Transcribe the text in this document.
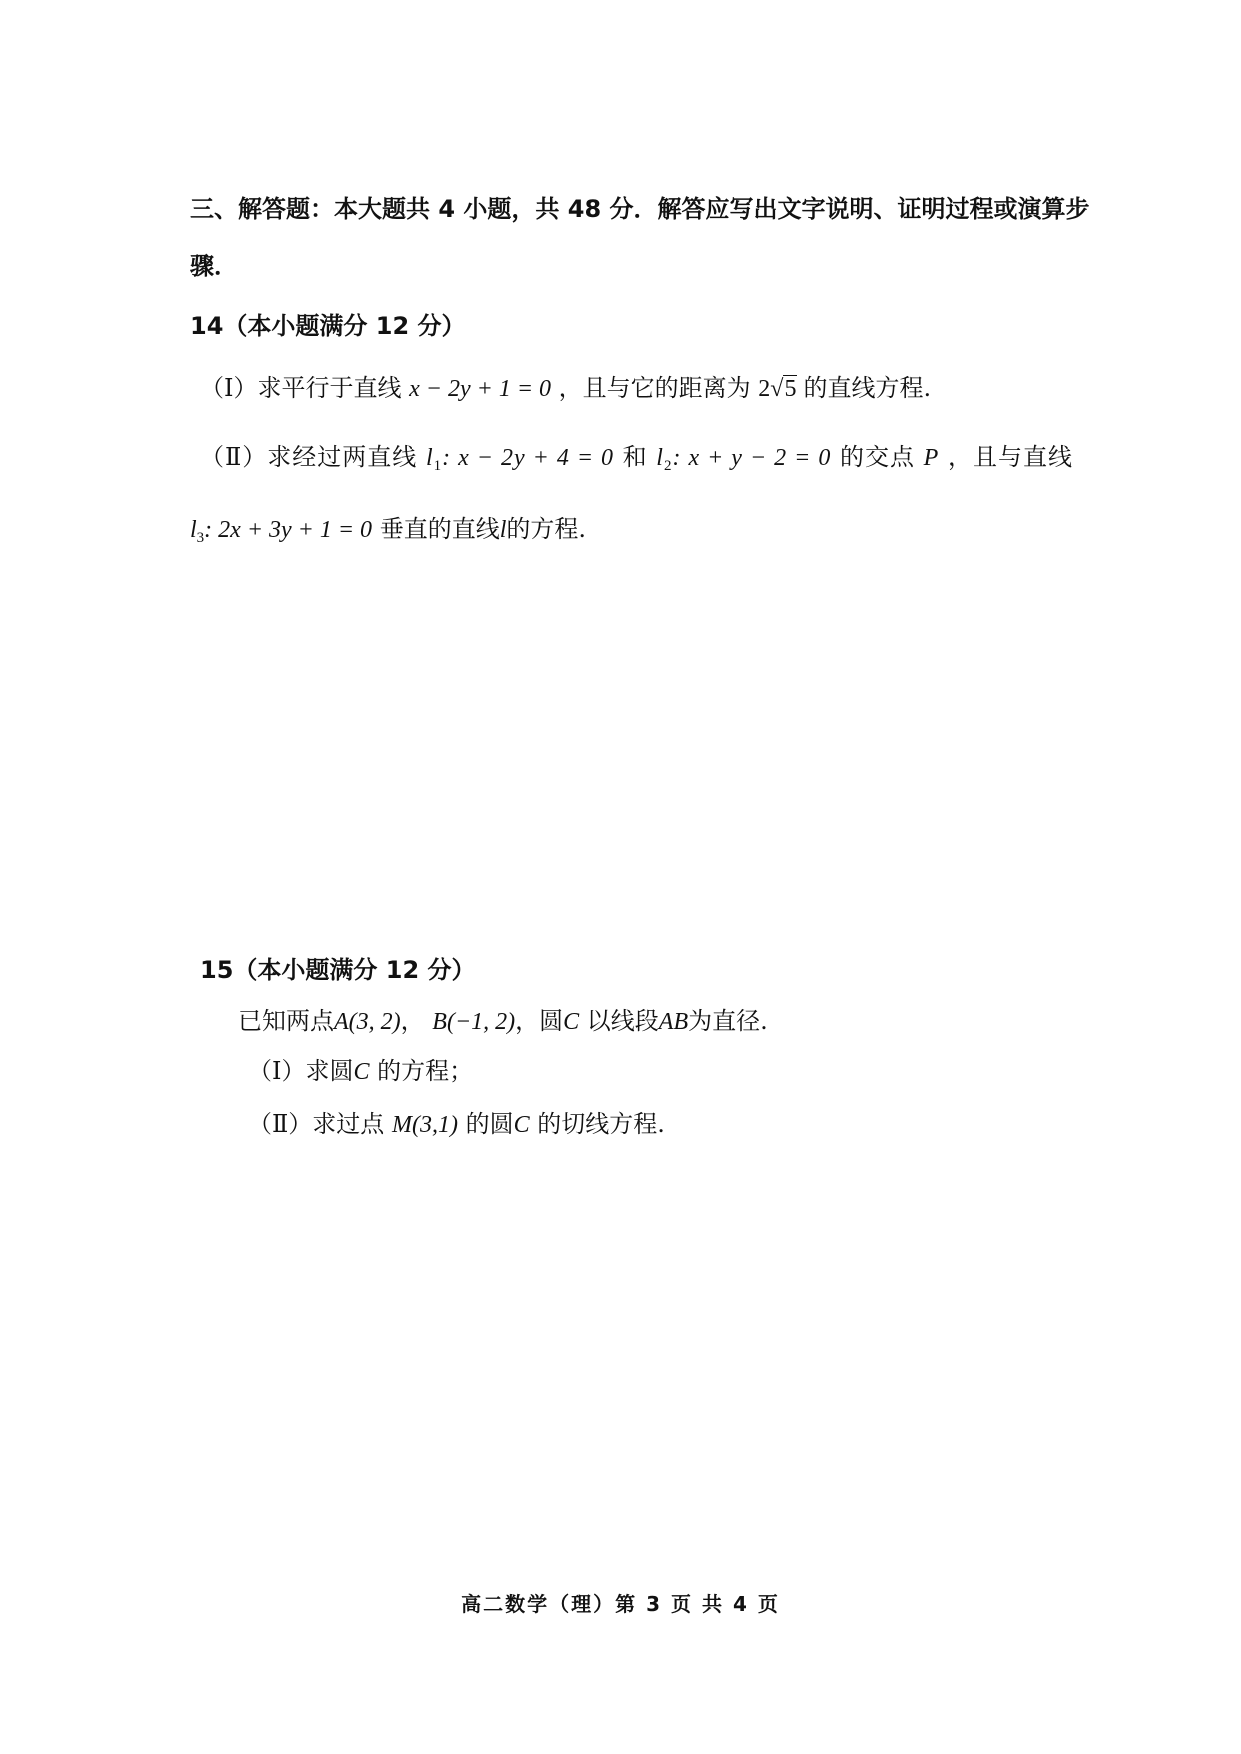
三、解答题：本大题共 4 小题，共 48 分．解答应写出文字说明、证明过程或演算步
骤．
14（本小题满分 12 分）
（Ⅰ）求平行于直线 x − 2y + 1 = 0 ，且与它的距离为 2√5 的直线方程.
（Ⅱ）求经过两直线 $l_1$: x − 2y + 4 = 0 和 $l_2$: x + y − 2 = 0 的交点 P ，且与直线
$l_3$: 2x + 3y + 1 = 0 垂直的直线l的方程.
15（本小题满分 12 分）
已知两点A(3, 2)， B(−1, 2)，圆C 以线段AB为直径.
（Ⅰ）求圆C 的方程；
（Ⅱ）求过点 M(3,1) 的圆C 的切线方程.
高二数学（理）第 3 页 共 4 页
